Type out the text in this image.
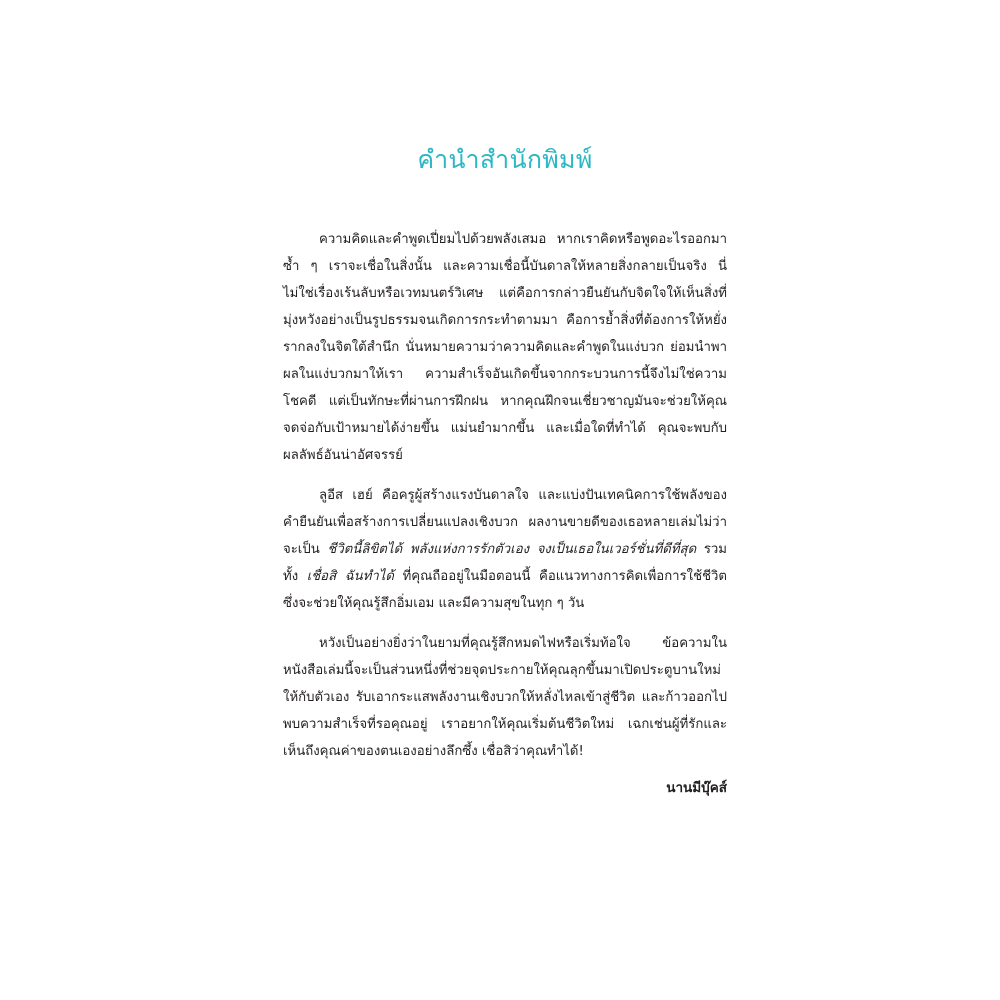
คำนำสำนักพิมพ์

ความคิดและคำพูดเปี่ยมไปด้วยพลังเสมอ หากเราคิดหรือพูดอะไรออกมาซ้ำ ๆ เราจะเชื่อในสิ่งนั้น และความเชื่อนี้บันดาลให้หลายสิ่งกลายเป็นจริง นี่ไม่ใช่เรื่องเร้นลับหรือเวทมนตร์วิเศษ แต่คือการกล่าวยืนยันกับจิตใจให้เห็นสิ่งที่มุ่งหวังอย่างเป็นรูปธรรมจนเกิดการกระทำตามมา คือการย้ำสิ่งที่ต้องการให้หยั่งรากลงในจิตใต้สำนึก นั่นหมายความว่าความคิดและคำพูดในแง่บวก ย่อมนำพาผลในแง่บวกมาให้เรา ความสำเร็จอันเกิดขึ้นจากกระบวนการนี้จึงไม่ใช่ความโชคดี แต่เป็นทักษะที่ผ่านการฝึกฝน หากคุณฝึกจนเชี่ยวชาญมันจะช่วยให้คุณจดจ่อกับเป้าหมายได้ง่ายขึ้น แม่นยำมากขึ้น และเมื่อใดที่ทำได้ คุณจะพบกับผลลัพธ์อันน่าอัศจรรย์

ลูอีส เฮย์ คือครูผู้สร้างแรงบันดาลใจ และแบ่งปันเทคนิคการใช้พลังของคำยืนยันเพื่อสร้างการเปลี่ยนแปลงเชิงบวก ผลงานขายดีของเธอหลายเล่มไม่ว่าจะเป็น ชีวิตนี้ลิขิตได้ พลังแห่งการรักตัวเอง จงเป็นเธอในเวอร์ชั่นที่ดีที่สุด รวมทั้ง เชื่อสิ ฉันทำได้ ที่คุณถืออยู่ในมือตอนนี้ คือแนวทางการคิดเพื่อการใช้ชีวิต ซึ่งจะช่วยให้คุณรู้สึกอิ่มเอม และมีความสุขในทุก ๆ วัน

หวังเป็นอย่างยิ่งว่าในยามที่คุณรู้สึกหมดไฟหรือเริ่มท้อใจ ข้อความในหนังสือเล่มนี้จะเป็นส่วนหนึ่งที่ช่วยจุดประกายให้คุณลุกขึ้นมาเปิดประตูบานใหม่ให้กับตัวเอง รับเอากระแสพลังงานเชิงบวกให้หลั่งไหลเข้าสู่ชีวิต และก้าวออกไปพบความสำเร็จที่รอคุณอยู่ เราอยากให้คุณเริ่มต้นชีวิตใหม่ เฉกเช่นผู้ที่รักและเห็นถึงคุณค่าของตนเองอย่างลึกซึ้ง เชื่อสิว่าคุณทำได้!

นานมีบุ๊คส์
